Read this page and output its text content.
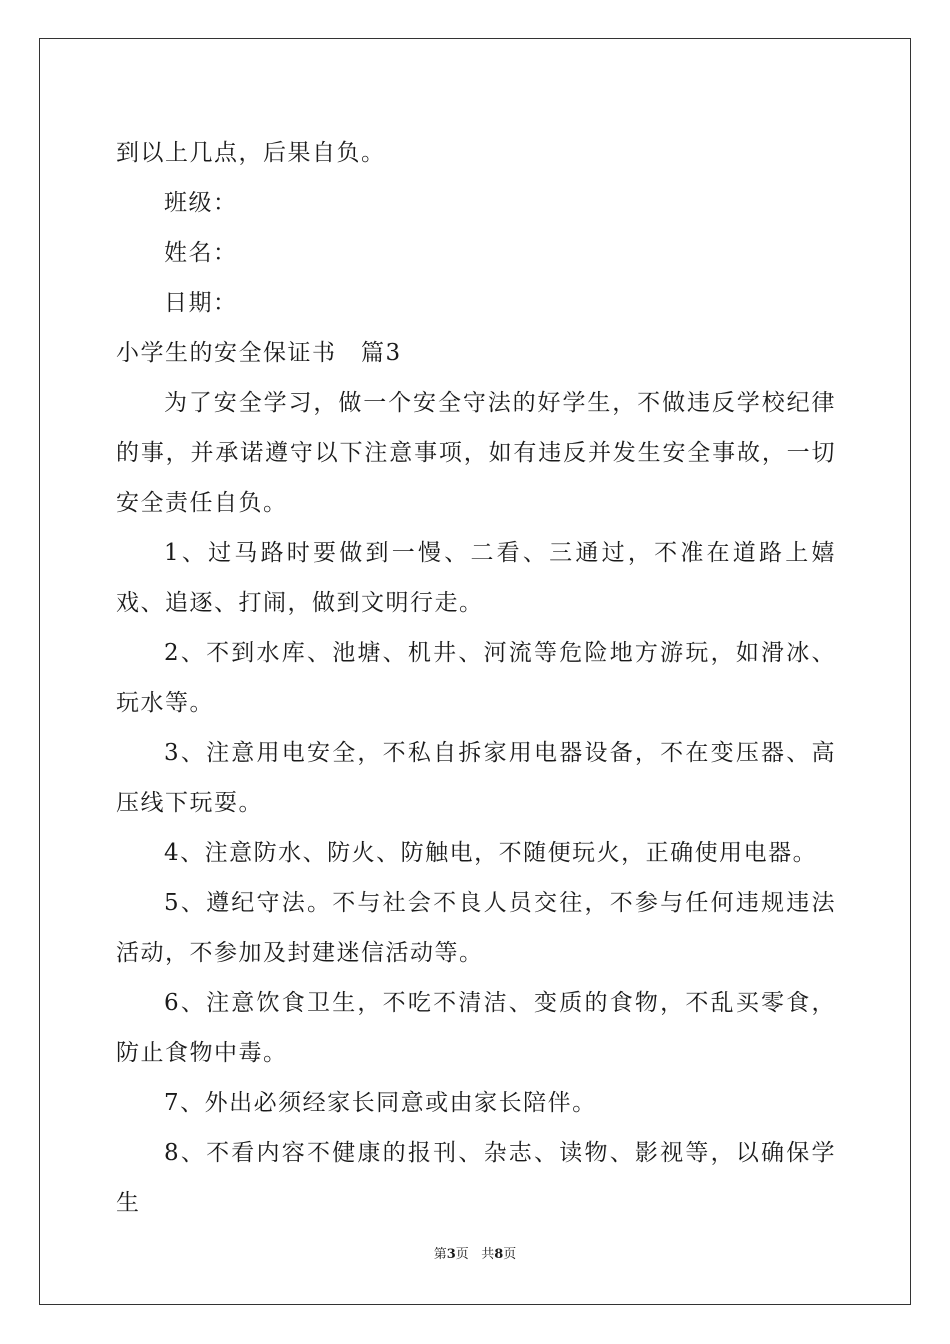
到以上几点，后果自负。

班级：

姓名：

日期：

小学生的安全保证书　篇3

为了安全学习，做一个安全守法的好学生，不做违反学校纪律的事，并承诺遵守以下注意事项，如有违反并发生安全事故，一切安全责任自负。

1、过马路时要做到一慢、二看、三通过，不准在道路上嬉戏、追逐、打闹，做到文明行走。

2、不到水库、池塘、机井、河流等危险地方游玩，如滑冰、玩水等。

3、注意用电安全，不私自拆家用电器设备，不在变压器、高压线下玩耍。

4、注意防水、防火、防触电，不随便玩火，正确使用电器。

5、遵纪守法。不与社会不良人员交往，不参与任何违规违法活动，不参加及封建迷信活动等。

6、注意饮食卫生，不吃不清洁、变质的食物，不乱买零食，防止食物中毒。

7、外出必须经家长同意或由家长陪伴。

8、不看内容不健康的报刊、杂志、读物、影视等，以确保学生

第3页 共8页
